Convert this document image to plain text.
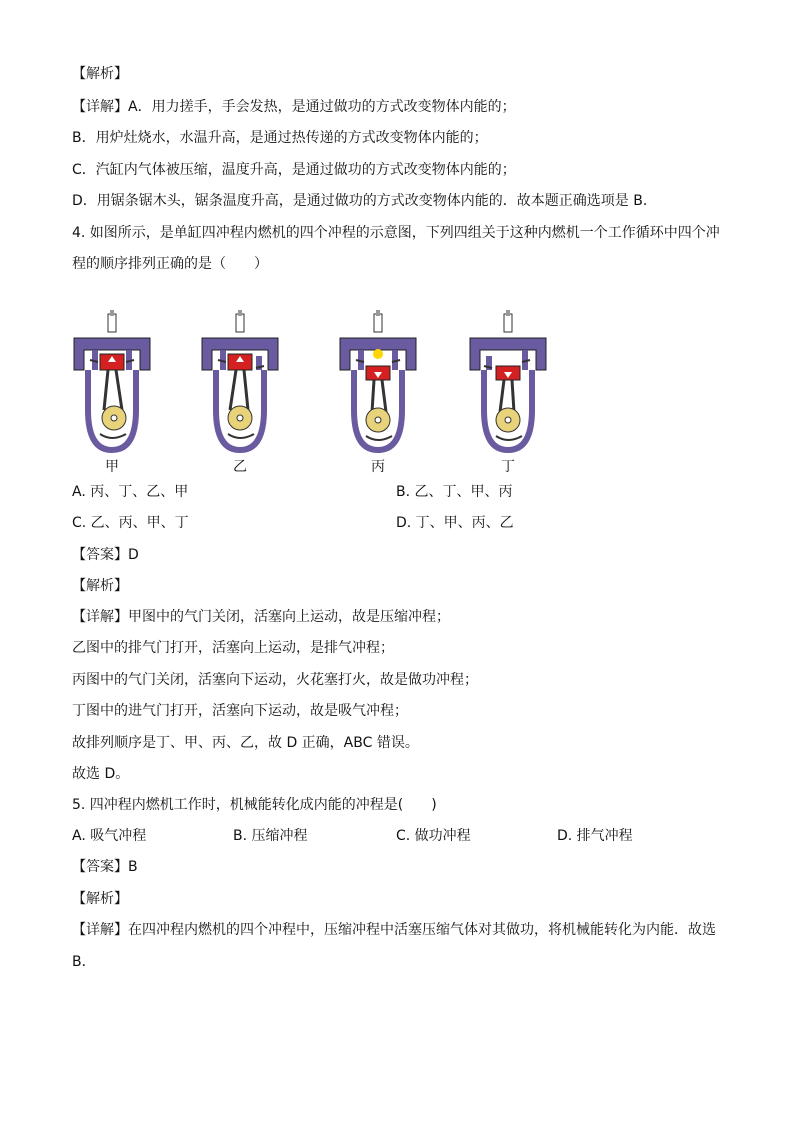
【解析】
【详解】A．用力搓手，手会发热，是通过做功的方式改变物体内能的；
B．用炉灶烧水，水温升高，是通过热传递的方式改变物体内能的；
C．汽缸内气体被压缩，温度升高，是通过做功的方式改变物体内能的；
D．用锯条锯木头，锯条温度升高，是通过做功的方式改变物体内能的．故本题正确选项是 B．
4. 如图所示，是单缸四冲程内燃机的四个冲程的示意图，下列四组关于这种内燃机一个工作循环中四个冲
程的顺序排列正确的是（　　）
甲	乙	丙	丁
A. 丙、丁、乙、甲	B. 乙、丁、甲、丙
C. 乙、丙、甲、丁	D. 丁、甲、丙、乙
【答案】D
【解析】
【详解】甲图中的气门关闭，活塞向上运动，故是压缩冲程；
乙图中的排气门打开，活塞向上运动，是排气冲程；
丙图中的气门关闭，活塞向下运动，火花塞打火，故是做功冲程；
丁图中的进气门打开，活塞向下运动，故是吸气冲程；
故排列顺序是丁、甲、丙、乙，故 D 正确，ABC 错误。
故选 D。
5. 四冲程内燃机工作时，机械能转化成内能的冲程是(　　)
A. 吸气冲程	B. 压缩冲程	C. 做功冲程	D. 排气冲程
【答案】B
【解析】
【详解】在四冲程内燃机的四个冲程中，压缩冲程中活塞压缩气体对其做功，将机械能转化为内能．故选
B．
